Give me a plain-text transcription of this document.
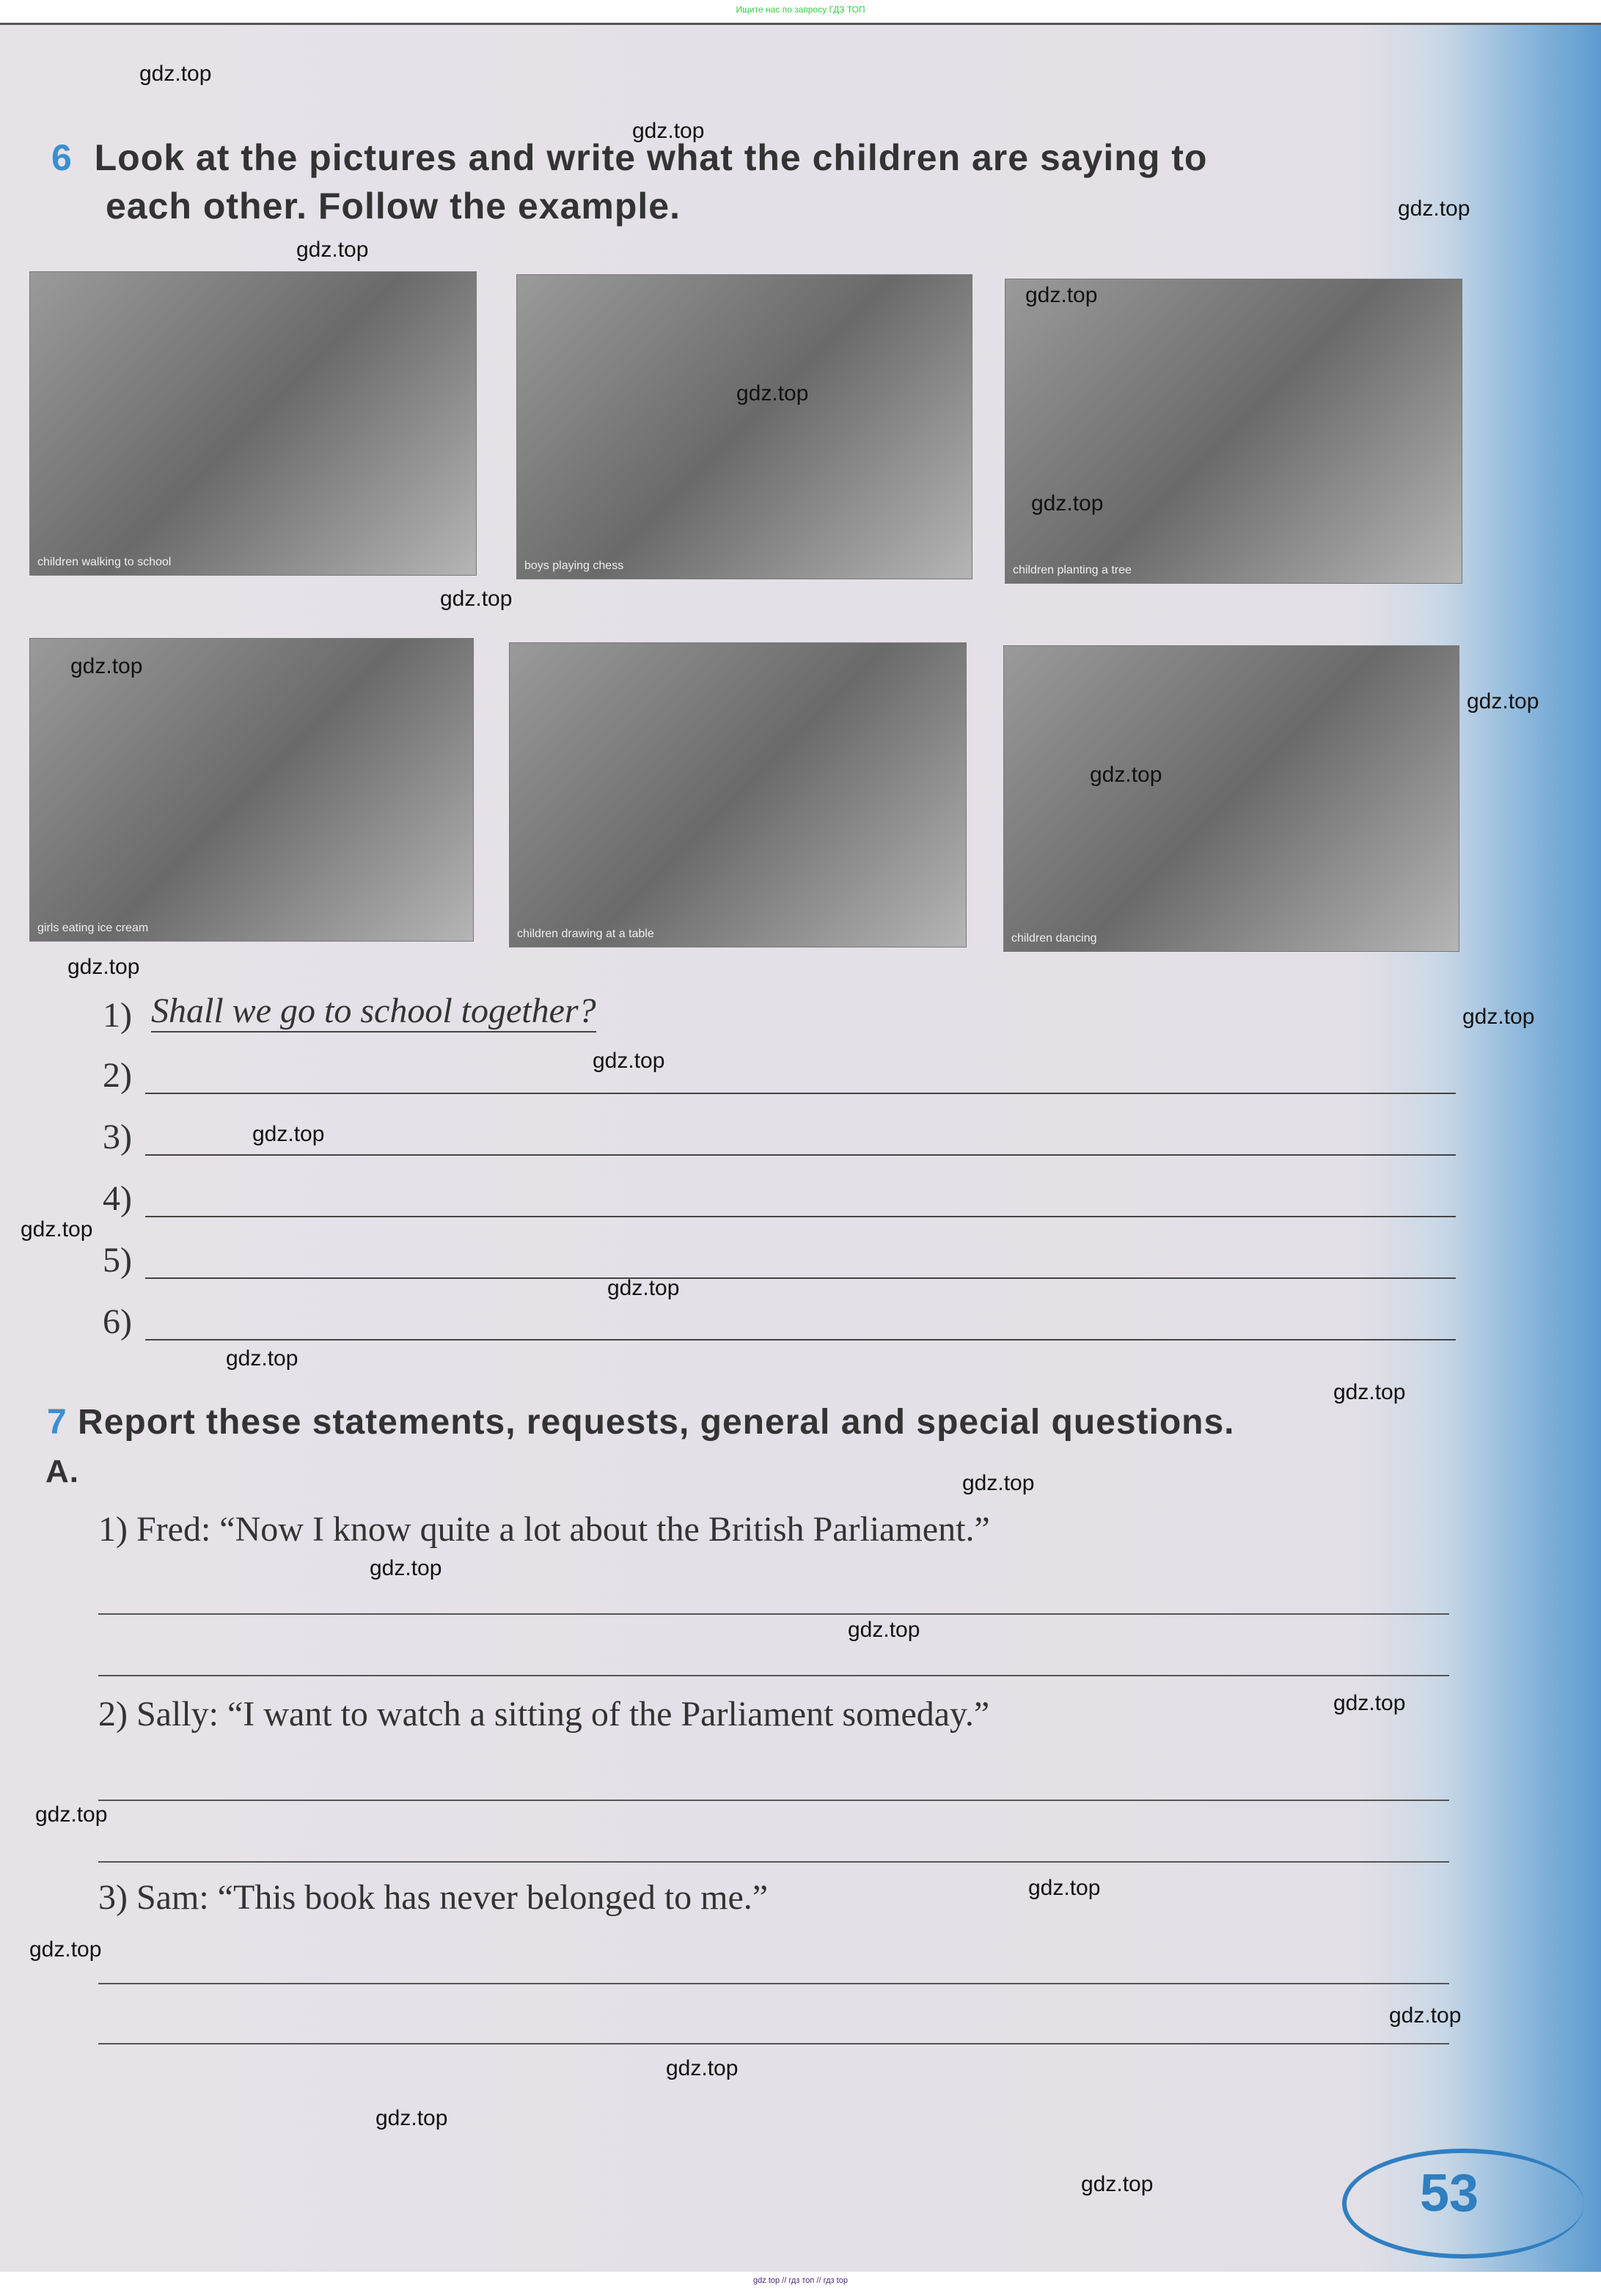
Ищите нас по запросу ГДЗ ТОП
6 Look at the pictures and write what the children are saying to
each other. Follow the example.
children walking to school	boys playing chess	children planting a tree
girls eating ice cream	children drawing at a table	children dancing
1) Shall we go to school together?
2)
3)
4)
5)
6)
7 Report these statements, requests, general and special questions.
A.
1) Fred: “Now I know quite a lot about the British Parliament.”
2) Sally: “I want to watch a sitting of the Parliament someday.”
3) Sam: “This book has never belonged to me.”
53
gdz.top
gdz.top
gdz.top
gdz.top
gdz.top
gdz.top
gdz.top
gdz.top
gdz.top
gdz.top
gdz.top
gdz.top
gdz.top
gdz.top
gdz.top
gdz.top
gdz.top
gdz.top
gdz.top
gdz.top
gdz.top
gdz.top
gdz.top
gdz.top
gdz.top
gdz.top
gdz.top
gdz.top
gdz.top
gdz.top
gdz top // гдз топ // гдз top
